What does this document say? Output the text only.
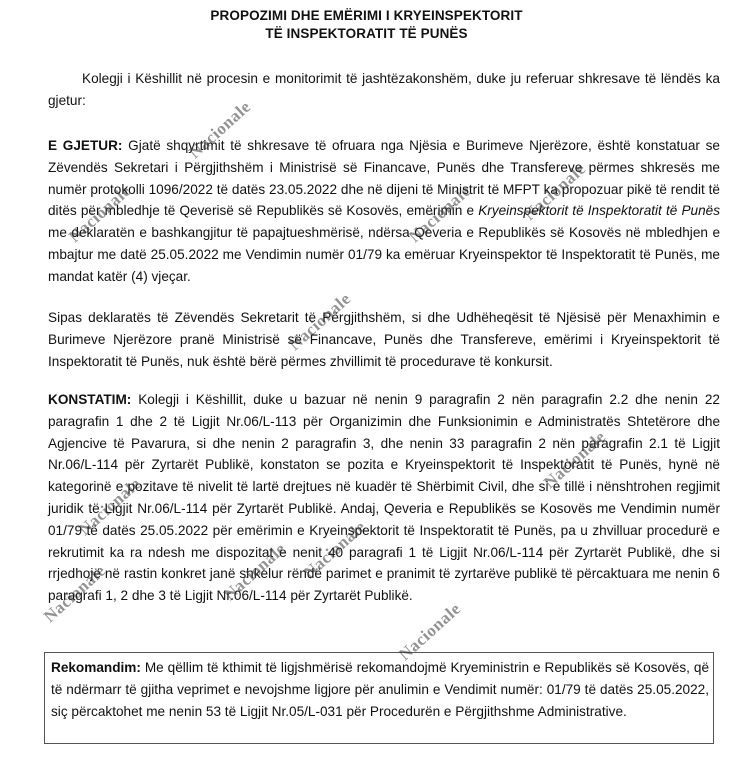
PROPOZIMI DHE EMËRIMI I KRYEINSPEKTORIT
TË INSPEKTORATIT TË PUNËS
Kolegji i Këshillit në procesin e monitorimit të jashtëzakonshëm, duke ju referuar shkresave të lëndës ka gjetur:
E GJETUR: Gjatë shqyrtimit të shkresave të ofruara nga Njësia e Burimeve Njerëzore, është konstatuar se Zëvendës Sekretari i Përgjithshëm i Ministrisë së Financave, Punës dhe Transfereve përmes shkresës me numër protokolli 1096/2022 të datës 23.05.2022 dhe në dijeni të Ministrit të MFPT ka propozuar pikë të rendit të ditës për mbledhje të Qeverisë së Republikës së Kosovës, emërimin e Kryeinspektorit të Inspektoratit të Punës me deklaratën e bashkangjitur të papajtueshmërisë, ndërsa Qeveria e Republikës së Kosovës në mbledhjen e mbajtur me datë 25.05.2022 me Vendimin numër 01/79 ka emëruar Kryeinspektor të Inspektoratit të Punës, me mandat katër (4) vjeçar.
Sipas deklaratës të Zëvendës Sekretarit të Përgjithshëm, si dhe Udhëheqësit të Njësisë për Menaxhimin e Burimeve Njerëzore pranë Ministrisë së Financave, Punës dhe Transfereve, emërimi i Kryeinspektorit të Inspektoratit të Punës, nuk është bërë përmes zhvillimit të procedurave të konkursit.
KONSTATIM: Kolegji i Këshillit, duke u bazuar në nenin 9 paragrafin 2 nën paragrafin 2.2 dhe nenin 22 paragrafin 1 dhe 2 të Ligjit Nr.06/L-113 për Organizimin dhe Funksionimin e Administratës Shtetërore dhe Agjencive të Pavarura, si dhe nenin 2 paragrafin 3, dhe nenin 33 paragrafin 2 nën paragrafin 2.1 të Ligjit Nr.06/L-114 për Zyrtarët Publikë, konstaton se pozita e Kryeinspektorit të Inspektoratit të Punës, hynë në kategorinë e pozitave të nivelit të lartë drejtues në kuadër të Shërbimit Civil, dhe si e tillë i nënshtrohen regjimit juridik të Ligjit Nr.06/L-114 për Zyrtarët Publikë. Andaj, Qeveria e Republikës se Kosovës me Vendimin numër 01/79 të datës 25.05.2022 për emërimin e Kryeinspektorit të Inspektoratit të Punës, pa u zhvilluar procedurë e rekrutimit ka ra ndesh me dispozitat e nenit 40 paragrafi 1 të Ligjit Nr.06/L-114 për Zyrtarët Publikë, dhe si rrjedhojë në rastin konkret janë shkelur rëndë parimet e pranimit të zyrtarëve publikë të përcaktuara me nenin 6 paragrafi 1, 2 dhe 3 të Ligjit Nr.06/L-114 për Zyrtarët Publikë.
Rekomandim: Me qëllim të kthimit të ligjshmërisë rekomandojmë Kryeministrin e Republikës së Kosovës, që të ndërmarr të gjitha veprimet e nevojshme ligjore për anulimin e Vendimit numër: 01/79 të datës 25.05.2022, siç përcaktohet me nenin 53 të Ligjit Nr.05/L-031 për Procedurën e Përgjithshme Administrative.
Nacionale
Nacionale	Nacionale
Nacionale
Nacionale
Nacionale
Nacionale
Nacionale
Nacionale	Nacionale
Nacionale
